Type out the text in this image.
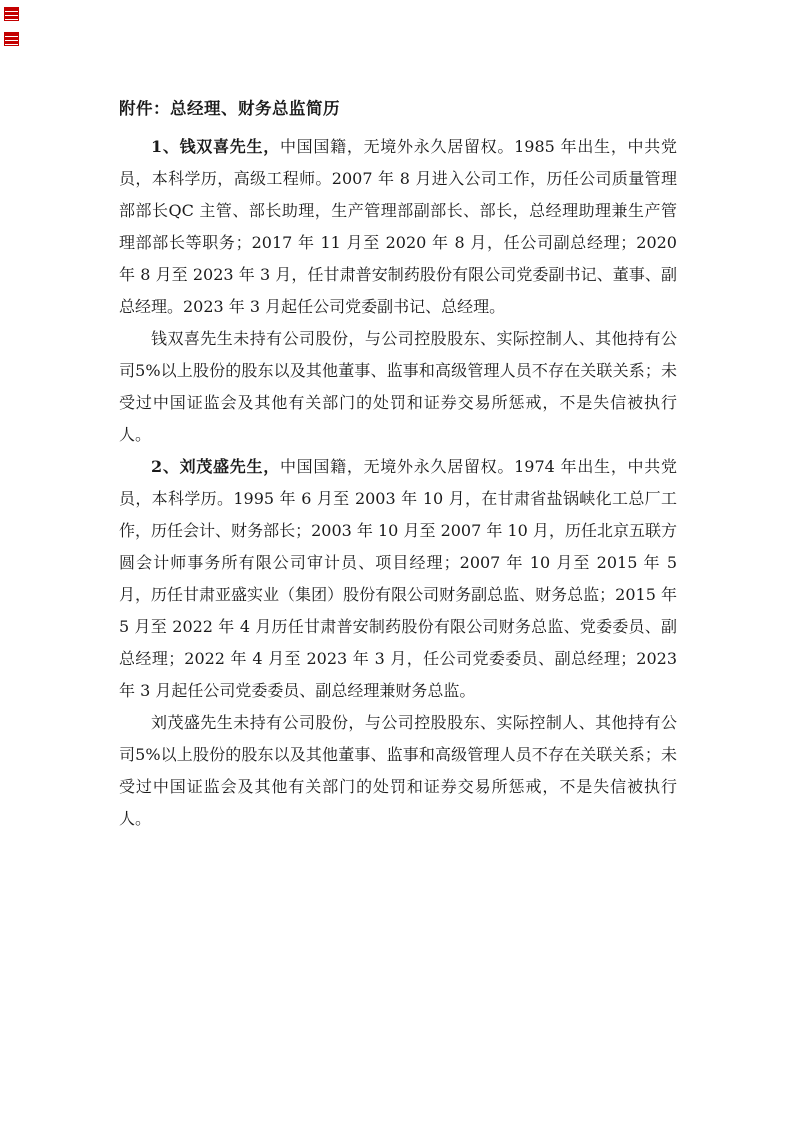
附件：总经理、财务总监简历

1、钱双喜先生，中国国籍，无境外永久居留权。1985 年出生，中共党员，本科学历，高级工程师。2007 年 8 月进入公司工作，历任公司质量管理部部长QC 主管、部长助理，生产管理部副部长、部长，总经理助理兼生产管理部部长等职务；2017 年 11 月至 2020 年 8 月，任公司副总经理；2020 年 8 月至 2023 年 3 月，任甘肃普安制药股份有限公司党委副书记、董事、副总经理。2023 年 3 月起任公司党委副书记、总经理。

钱双喜先生未持有公司股份，与公司控股股东、实际控制人、其他持有公司5%以上股份的股东以及其他董事、监事和高级管理人员不存在关联关系；未受过中国证监会及其他有关部门的处罚和证券交易所惩戒，不是失信被执行人。

2、刘茂盛先生，中国国籍，无境外永久居留权。1974 年出生，中共党员，本科学历。1995 年 6 月至 2003 年 10 月，在甘肃省盐锅峡化工总厂工作，历任会计、财务部长；2003 年 10 月至 2007 年 10 月，历任北京五联方圆会计师事务所有限公司审计员、项目经理；2007 年 10 月至 2015 年 5 月，历任甘肃亚盛实业（集团）股份有限公司财务副总监、财务总监；2015 年 5 月至 2022 年 4 月历任甘肃普安制药股份有限公司财务总监、党委委员、副总经理；2022 年 4 月至 2023 年 3 月，任公司党委委员、副总经理；2023 年 3 月起任公司党委委员、副总经理兼财务总监。

刘茂盛先生未持有公司股份，与公司控股股东、实际控制人、其他持有公司5%以上股份的股东以及其他董事、监事和高级管理人员不存在关联关系；未受过中国证监会及其他有关部门的处罚和证券交易所惩戒，不是失信被执行人。
